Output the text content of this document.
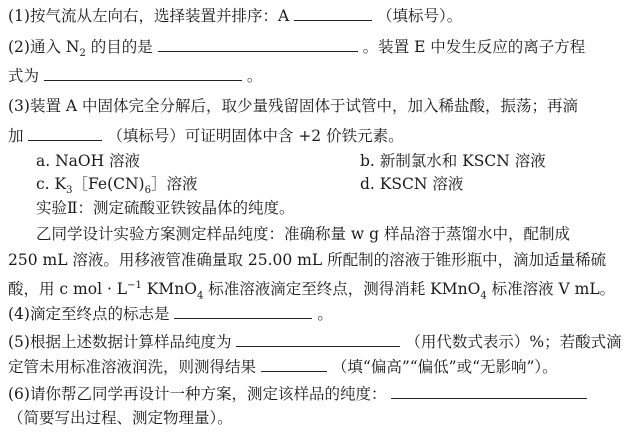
(1)按气流从左向右，选择装置并排序：A	（填标号）。
(2)通入 $N_2$ 的目的是	。装置 E 中发生反应的离子方程
式为	。
(3)装置 A 中固体完全分解后，取少量残留固体于试管中，加入稀盐酸，振荡；再滴
加	（填标号）可证明固体中含 +2 价铁元素。
a. NaOH 溶液	b. 新制氯水和 KSCN 溶液
c. $K_3[Fe(CN)_6]$溶液	d. KSCN 溶液
实验Ⅱ：测定硫酸亚铁铵晶体的纯度。
乙同学设计实验方案测定样品纯度：准确称量 w g 样品溶于蒸馏水中，配制成
250 mL 溶液。用移液管准确量取 25.00 mL 所配制的溶液于锥形瓶中，滴加适量稀硫
酸，用 c mol · $L^{-1}$ KMnO$_4$ 标准溶液滴定至终点，测得消耗 KMnO$_4$ 标准溶液 V mL。
(4)滴定至终点的标志是	。
(5)根据上述数据计算样品纯度为	（用代数式表示）%；若酸式滴
定管未用标准溶液润洗，则测得结果	（填“偏高”“偏低”或“无影响”）。
(6)请你帮乙同学再设计一种方案，测定该样品的纯度：
（简要写出过程、测定物理量）。
